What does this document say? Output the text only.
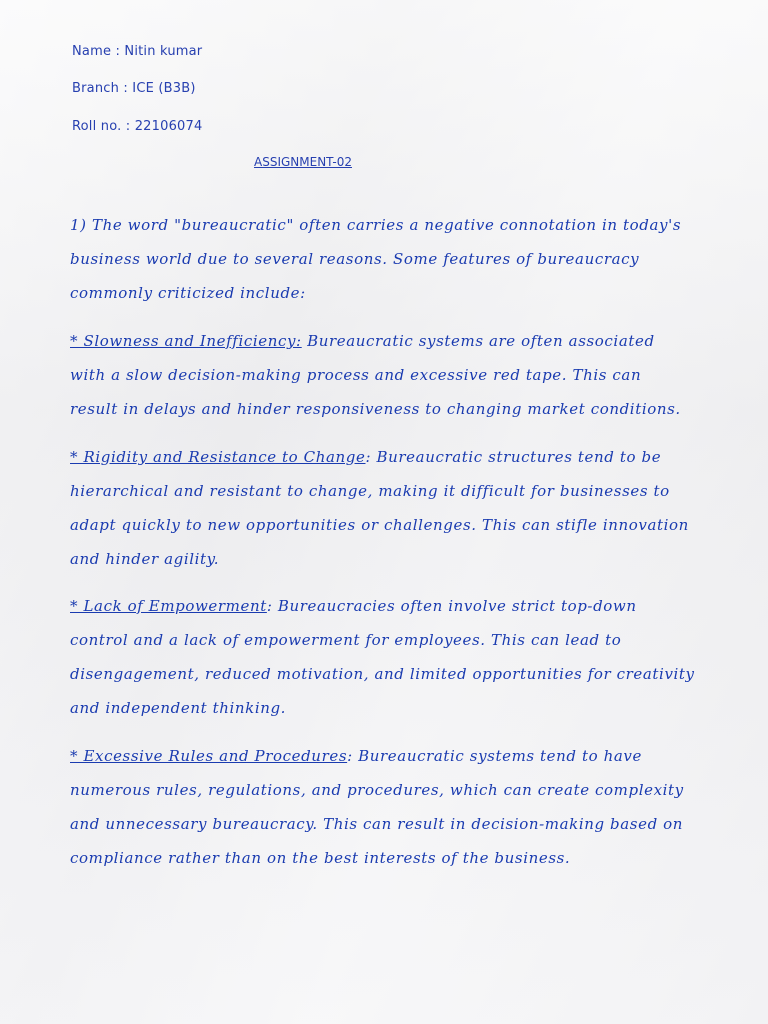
Name : Nitin kumar
Branch : ICE (B3B)
Roll no. : 22106074
ASSIGNMENT-02
1) The word "bureaucratic" often carries a negative connotation in today's
business world due to several reasons. Some features of bureaucracy
commonly criticized include:
* Slowness and Inefficiency: Bureaucratic systems are often associated
with a slow decision-making process and excessive red tape. This can
result in delays and hinder responsiveness to changing market conditions.
* Rigidity and Resistance to Change: Bureaucratic structures tend to be
hierarchical and resistant to change, making it difficult for businesses to
adapt quickly to new opportunities or challenges. This can stifle innovation
and hinder agility.
* Lack of Empowerment: Bureaucracies often involve strict top-down
control and a lack of empowerment for employees. This can lead to
disengagement, reduced motivation, and limited opportunities for creativity
and independent thinking.
* Excessive Rules and Procedures: Bureaucratic systems tend to have
numerous rules, regulations, and procedures, which can create complexity
and unnecessary bureaucracy. This can result in decision-making based on
compliance rather than on the best interests of the business.
